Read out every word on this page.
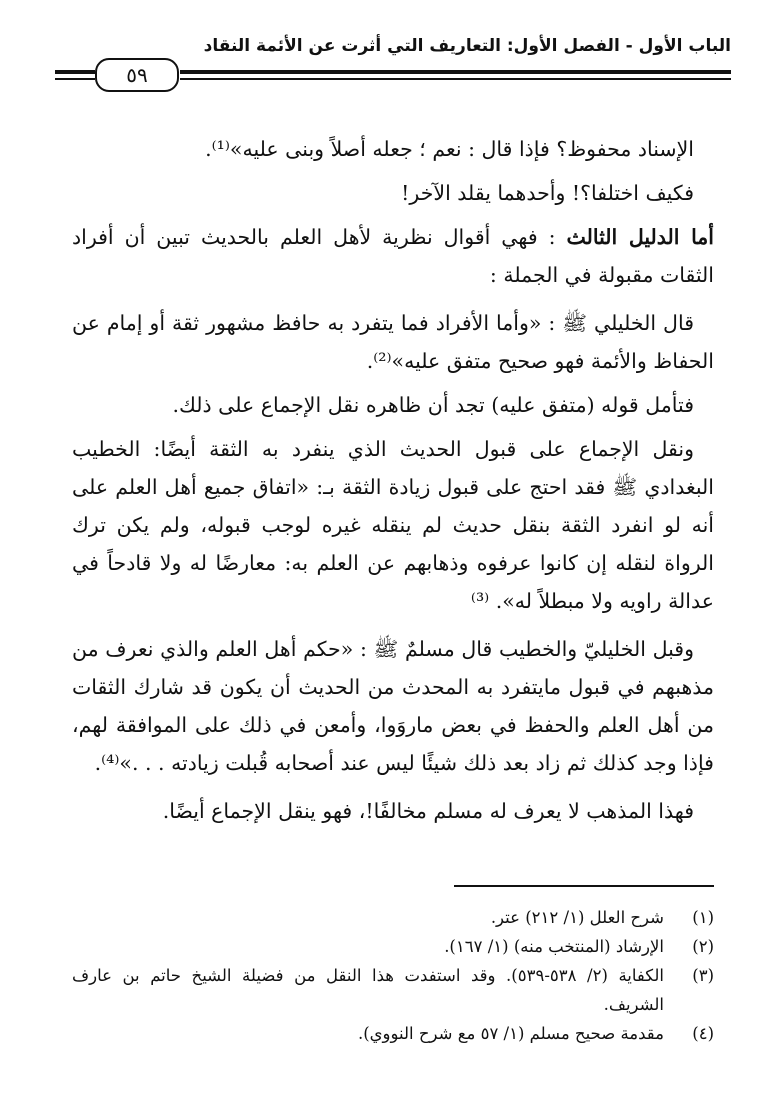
الباب الأول - الفصل الأول: التعاريف التي أثرت عن الأئمة النقاد
٥٩

الإسناد محفوظ؟ فإذا قال : نعم ؛ جعله أصلاً وبنى عليه»⁽¹⁾.

فكيف اختلفا؟! وأحدهما يقلد الآخر!

أما الدليل الثالث : فهي أقوال نظرية لأهل العلم بالحديث تبين أن أفراد الثقات مقبولة في الجملة :

قال الخليلي ﷺ : «وأما الأفراد فما يتفرد به حافظ مشهور ثقة أو إمام عن الحفاظ والأئمة فهو صحيح متفق عليه»⁽²⁾.

فتأمل قوله (متفق عليه) تجد أن ظاهره نقل الإجماع على ذلك.

ونقل الإجماع على قبول الحديث الذي ينفرد به الثقة أيضًا: الخطيب البغدادي ﷺ فقد احتج على قبول زيادة الثقة بـ: «اتفاق جميع أهل العلم على أنه لو انفرد الثقة بنقل حديث لم ينقله غيره لوجب قبوله، ولم يكن ترك الرواة لنقله إن كانوا عرفوه وذهابهم عن العلم به: معارضًا له ولا قادحاً في عدالة راويه ولا مبطلاً له». ⁽³⁾

وقبل الخليليّ والخطيب قال مسلمٌ ﷺ : «حكم أهل العلم والذي نعرف من مذهبهم في قبول مايتفرد به المحدث من الحديث أن يكون قد شارك الثقات من أهل العلم والحفظ في بعض ماروَوا، وأمعن في ذلك على الموافقة لهم، فإذا وجد كذلك ثم زاد بعد ذلك شيئًا ليس عند أصحابه قُبلت زيادته . . .»⁽⁴⁾.

فهذا المذهب لا يعرف له مسلم مخالفًا!، فهو ينقل الإجماع أيضًا.

(١)
شرح العلل (١/ ٢١٢) عتر.
(٢)
الإرشاد (المنتخب منه) (١/ ١٦٧).
(٣)
الكفاية (٢/ ٥٣٨-٥٣٩). وقد استفدت هذا النقل من فضيلة الشيخ حاتم بن عارف الشريف.
(٤)
مقدمة صحيح مسلم (١/ ٥٧ مع شرح النووي).
